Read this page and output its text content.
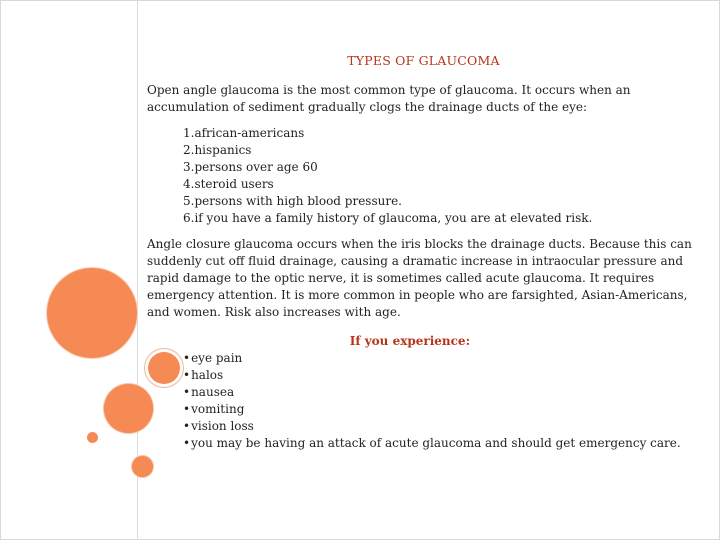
TYPES OF GLAUCOMA

Open angle glaucoma is the most common type of glaucoma. It occurs when an accumulation of sediment gradually clogs the drainage ducts of the eye:

1.african-americans
2.hispanics
3.persons over age 60
4.steroid users
5.persons with high blood pressure.
6.if you have a family history of glaucoma, you are at elevated risk.

Angle closure glaucoma occurs when the iris blocks the drainage ducts. Because this can suddenly cut off fluid drainage, causing a dramatic increase in intraocular pressure and rapid damage to the optic nerve, it is sometimes called acute glaucoma. It requires emergency attention. It is more common in people who are farsighted, Asian-Americans, and women. Risk also increases with age.

If you experience:
• eye pain
• halos
• nausea
• vomiting
• vision loss
• you may be having an attack of acute glaucoma and should get emergency care.
